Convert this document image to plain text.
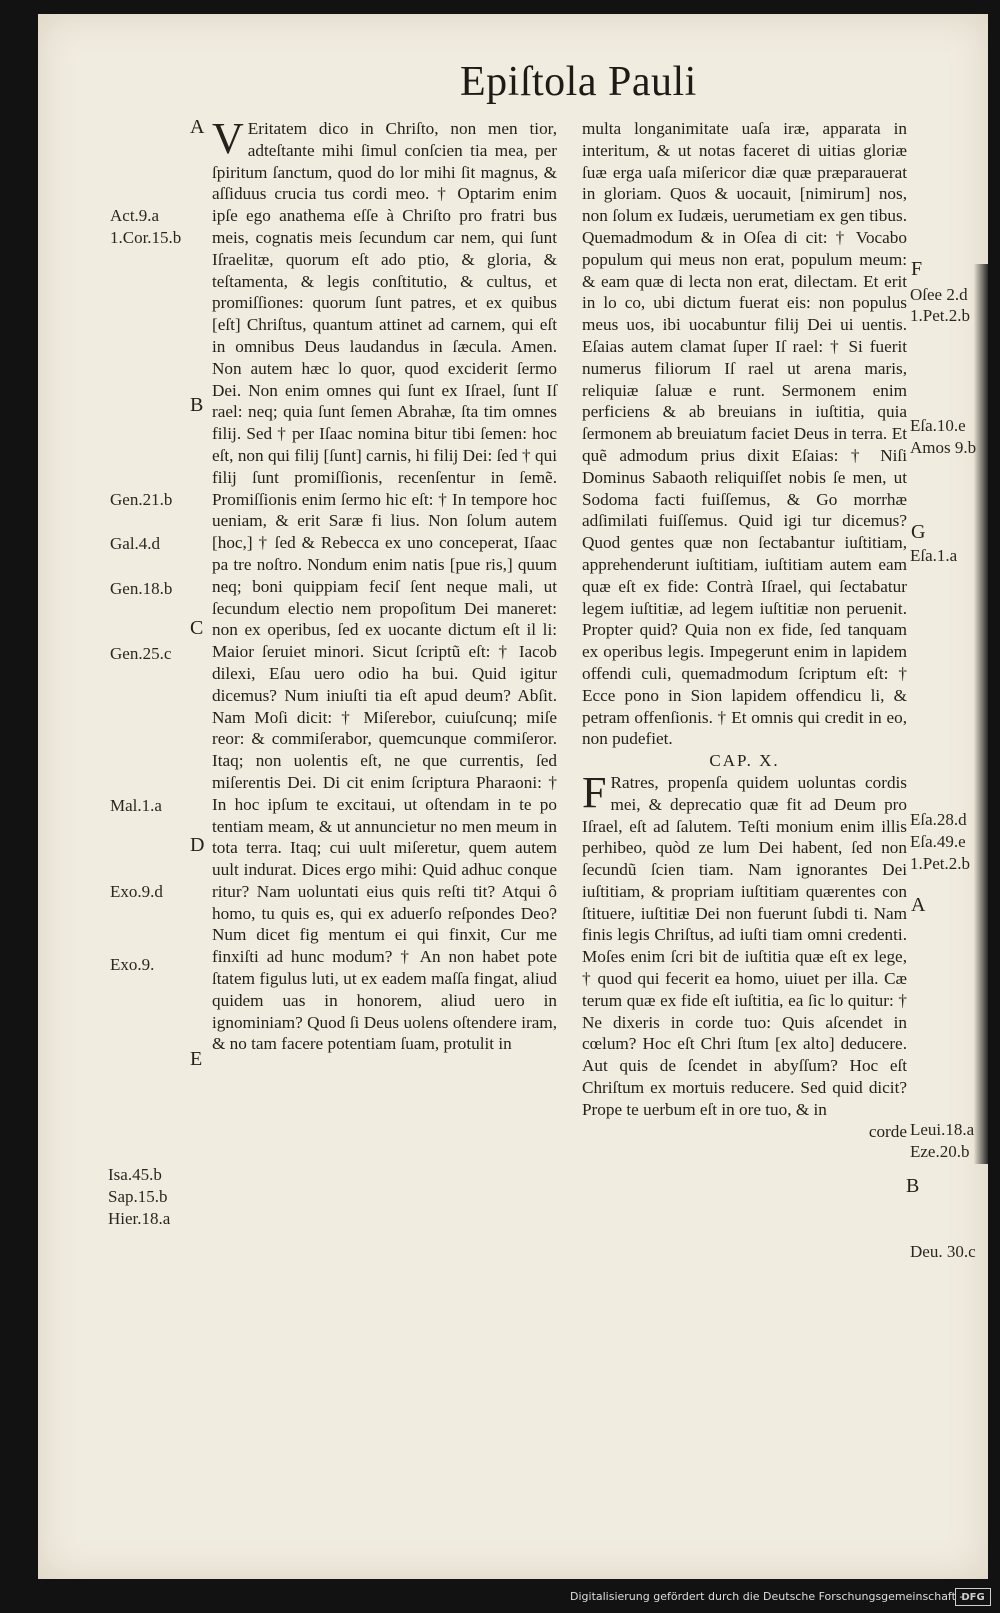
Epiſtola Pauli
A
B
C
D
E
F
G
A
B
Act.9.a
1.Cor.15.b
Gen.21.b
Gal.4.d
Gen.18.b
Gen.25.c
Mal.1.a
Exo.9.d
Exo.9.
Isa.45.b
Sap.15.b
Hier.18.a
Oſee 2.d
1.Pet.2.b
Eſa.10.e
Amos 9.b
Eſa.1.a
Eſa.28.d
Eſa.49.e
1.Pet.2.b
Leui.18.a
Eze.20.b
Deu. 30.c

V Eritatem dico in Chriſto, non men tior, adteſtante mihi ſimul conſcien tia mea, per ſpiritum ſanctum, quod do lor mihi ſit magnus, & aſſiduus crucia tus cordi meo. † Optarim enim ipſe ego anathema eſſe à Chriſto pro fratri bus meis, cognatis meis ſecundum car nem, qui ſunt Iſraelitæ, quorum eſt ado ptio, & gloria, & teſtamenta, & legis conſtitutio, & cultus, et promiſſiones: quorum ſunt patres, et ex quibus [eſt] Chriſtus, quantum attinet ad carnem, qui eſt in omnibus Deus laudandus in ſæcula. Amen. Non autem hæc lo quor, quod exciderit ſermo Dei. Non enim omnes qui ſunt ex Iſrael, ſunt Iſ rael: neq; quia ſunt ſemen Abrahæ, ſta tim omnes filij. Sed † per Iſaac nomina bitur tibi ſemen: hoc eſt, non qui filij [ſunt] carnis, hi filij Dei: ſed † qui filij ſunt promiſſionis, recenſentur in ſemẽ. Promiſſionis enim ſermo hic eſt: † In tempore hoc ueniam, & erit Saræ fi lius. Non ſolum autem [hoc,] † ſed & Rebecca ex uno conceperat, Iſaac pa tre noſtro. Nondum enim natis [pue ris,] quum neq; boni quippiam feciſ ſent neque mali, ut ſecundum electio nem propoſitum Dei maneret: non ex operibus, ſed ex uocante dictum eſt il li: Maior ſeruiet minori. Sicut ſcriptũ eſt: † Iacob dilexi, Eſau uero odio ha bui. Quid igitur dicemus? Num iniuſti tia eſt apud deum? Abſit. Nam Moſi dicit: † Miſerebor, cuiuſcunq; miſe reor: & commiſerabor, quemcunque commiſeror. Itaq; non uolentis eſt, ne que currentis, ſed miſerentis Dei. Di cit enim ſcriptura Pharaoni: † In hoc ipſum te excitaui, ut oſtendam in te po tentiam meam, & ut annuncietur no men meum in tota terra. Itaq; cui uult miſeretur, quem autem uult indurat. Dices ergo mihi: Quid adhuc conque ritur? Nam uoluntati eius quis reſti tit? Atqui ô homo, tu quis es, qui ex aduerſo reſpondes Deo? Num dicet fig mentum ei qui finxit, Cur me finxiſti ad hunc modum? † An non habet pote ſtatem figulus luti, ut ex eadem maſſa fingat, aliud quidem uas in honorem, aliud uero in ignominiam? Quod ſi Deus uolens oſtendere iram, & no tam facere potentiam ſuam, protulit in

multa longanimitate uaſa iræ, apparata in interitum, & ut notas faceret di uitias gloriæ ſuæ erga uaſa miſericor diæ quæ præparauerat in gloriam. Quos & uocauit, [nimirum] nos, non ſolum ex Iudæis, uerumetiam ex gen tibus. Quemadmodum & in Oſea di cit: † Vocabo populum qui meus non erat, populum meum: & eam quæ di lecta non erat, dilectam. Et erit in lo co, ubi dictum fuerat eis: non populus meus uos, ibi uocabuntur filij Dei ui uentis. Eſaias autem clamat ſuper Iſ rael: † Si fuerit numerus filiorum Iſ rael ut arena maris, reliquiæ ſaluæ e runt. Sermonem enim perficiens & ab breuians in iuſtitia, quia ſermonem ab breuiatum faciet Deus in terra. Et quẽ admodum prius dixit Eſaias: † Niſi Dominus Sabaoth reliquiſſet nobis ſe men, ut Sodoma facti fuiſſemus, & Go morrhæ adſimilati fuiſſemus. Quid igi tur dicemus? Quod gentes quæ non ſectabantur iuſtitiam, apprehenderunt iuſtitiam, iuſtitiam autem eam quæ eſt ex fide: Contrà Iſrael, qui ſectabatur legem iuſtitiæ, ad legem iuſtitiæ non peruenit. Propter quid? Quia non ex fide, ſed tanquam ex operibus legis. Impegerunt enim in lapidem offendi culi, quemadmodum ſcriptum eſt: † Ecce pono in Sion lapidem offendicu li, & petram offenſionis. † Et omnis qui credit in eo, non pudefiet.

CAP. X.

F Ratres, propenſa quidem uoluntas cordis mei, & deprecatio quæ fit ad Deum pro Iſrael, eſt ad ſalutem. Teſti monium enim illis perhibeo, quòd ze lum Dei habent, ſed non ſecundũ ſcien tiam. Nam ignorantes Dei iuſtitiam, & propriam iuſtitiam quærentes con ſtituere, iuſtitiæ Dei non fuerunt ſubdi ti. Nam finis legis Chriſtus, ad iuſti tiam omni credenti. Moſes enim ſcri bit de iuſtitia quæ eſt ex lege, † quod qui fecerit ea homo, uiuet per illa. Cæ terum quæ ex fide eſt iuſtitia, ea ſic lo quitur: † Ne dixeris in corde tuo: Quis aſcendet in cœlum? Hoc eſt Chri ſtum [ex alto] deducere. Aut quis de ſcendet in abyſſum? Hoc eſt Chriſtum ex mortuis reducere. Sed quid dicit? Prope te uerbum eſt in ore tuo, & in

corde

Digitalisierung gefördert durch die Deutsche Forschungsgemeinschaft -
DFG
